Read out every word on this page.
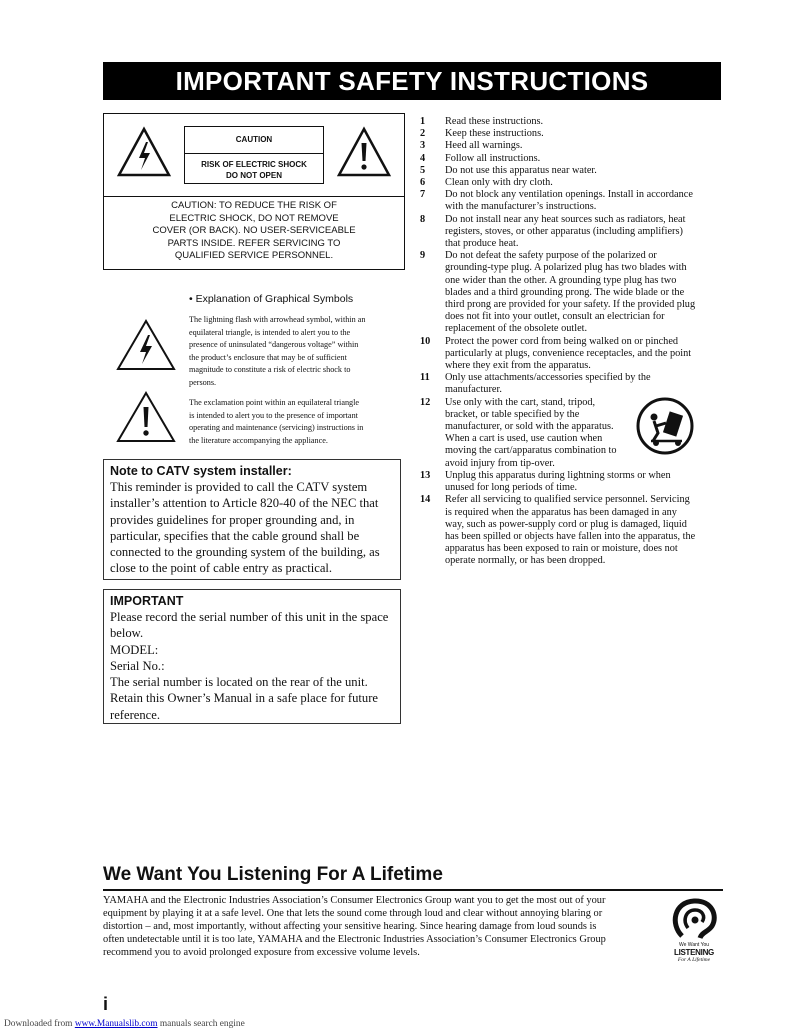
IMPORTANT SAFETY INSTRUCTIONS
CAUTION
RISK OF ELECTRIC SHOCK
DO NOT OPEN
CAUTION: TO REDUCE THE RISK OF
ELECTRIC SHOCK, DO NOT REMOVE
COVER (OR BACK). NO USER-SERVICEABLE
PARTS INSIDE. REFER SERVICING TO
QUALIFIED SERVICE PERSONNEL.
• Explanation of Graphical Symbols
The lightning flash with arrowhead symbol, within an
equilateral triangle, is intended to alert you to the
presence of uninsulated “dangerous voltage” within
the product’s enclosure that may be of sufficient
magnitude to constitute a risk of electric shock to
persons.
The exclamation point within an equilateral triangle
is intended to alert you to the presence of important
operating and maintenance (servicing) instructions in
the literature accompanying the appliance.
Note to CATV system installer:
This reminder is provided to call the CATV system
installer’s attention to Article 820-40 of the NEC that
provides guidelines for proper grounding and, in
particular, specifies that the cable ground shall be
connected to the grounding system of the building, as
close to the point of cable entry as practical.
IMPORTANT
Please record the serial number of this unit in the space
below.
MODEL:
Serial No.:
The serial number is located on the rear of the unit.
Retain this Owner’s Manual in a safe place for future
reference.
1	Read these instructions.
2	Keep these instructions.
3	Heed all warnings.
4	Follow all instructions.
5	Do not use this apparatus near water.
6	Clean only with dry cloth.
7	Do not block any ventilation openings. Install in accordance
with the manufacturer’s instructions.
8	Do not install near any heat sources such as radiators, heat
registers, stoves, or other apparatus (including amplifiers)
that produce heat.
9	Do not defeat the safety purpose of the polarized or
grounding-type plug. A polarized plug has two blades with
one wider than the other. A grounding type plug has two
blades and a third grounding prong. The wide blade or the
third prong are provided for your safety. If the provided plug
does not fit into your outlet, consult an electrician for
replacement of the obsolete outlet.
10	Protect the power cord from being walked on or pinched
particularly at plugs, convenience receptacles, and the point
where they exit from the apparatus.
11	Only use attachments/accessories specified by the
manufacturer.
12	Use only with the cart, stand, tripod,
bracket, or table specified by the
manufacturer, or sold with the apparatus.
When a cart is used, use caution when
moving the cart/apparatus combination to
avoid injury from tip-over.
13	Unplug this apparatus during lightning storms or when
unused for long periods of time.
14	Refer all servicing to qualified service personnel. Servicing
is required when the apparatus has been damaged in any
way, such as power-supply cord or plug is damaged, liquid
has been spilled or objects have fallen into the apparatus, the
apparatus has been exposed to rain or moisture, does not
operate normally, or has been dropped.
We Want You Listening For A Lifetime
YAMAHA and the Electronic Industries Association’s Consumer Electronics Group want you to get the most out of your
equipment by playing it at a safe level. One that lets the sound come through loud and clear without annoying blaring or
distortion – and, most importantly, without affecting your sensitive hearing. Since hearing damage from loud sounds is
often undetectable until it is too late, YAMAHA and the Electronic Industries Association’s Consumer Electronics Group
recommend you to avoid prolonged exposure from excessive volume levels.
We Want You
LISTENING
For A Lifetime
i
Downloaded from www.Manualslib.com manuals search engine
